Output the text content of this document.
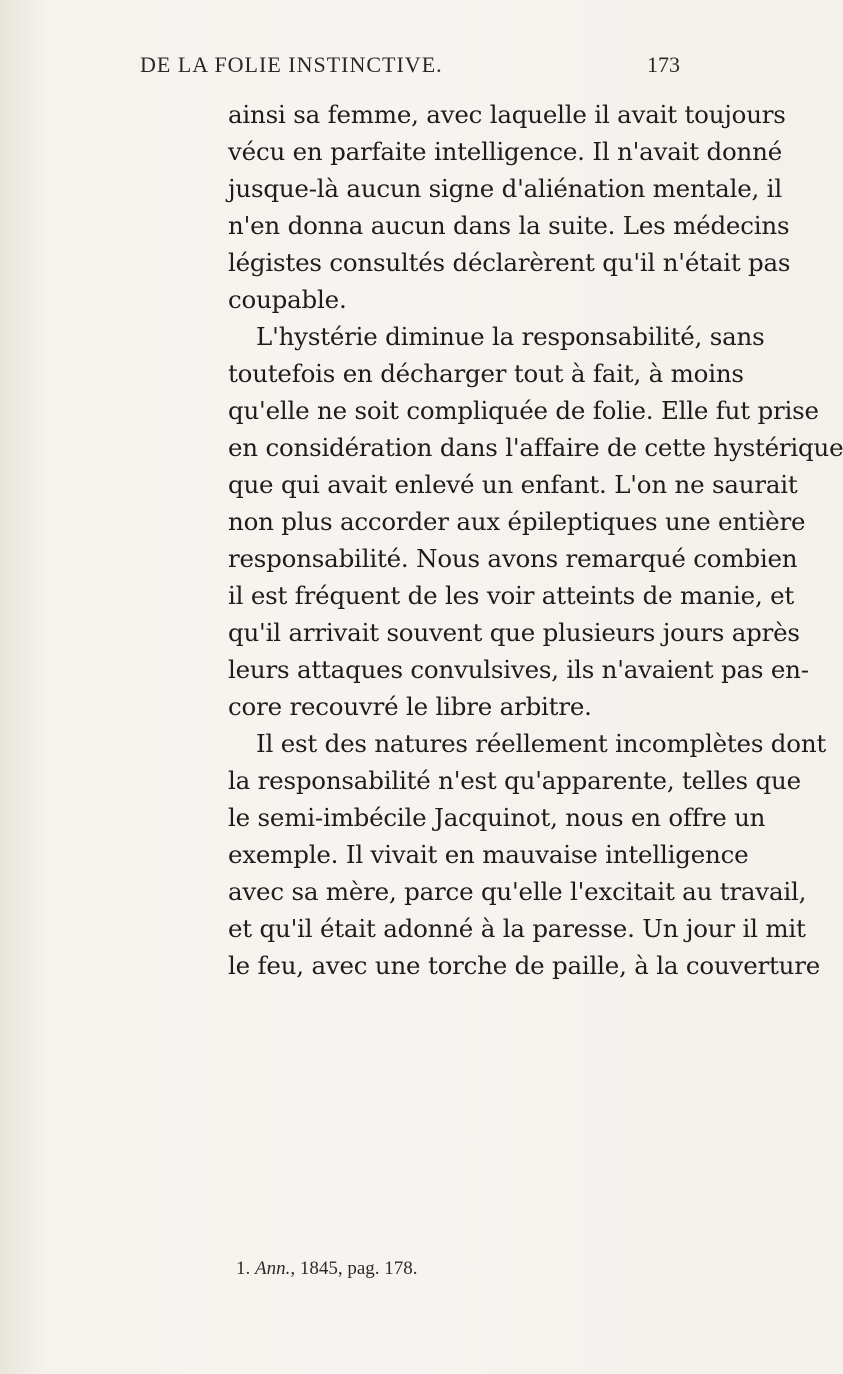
DE LA FOLIE INSTINCTIVE.	173
ainsi sa femme, avec laquelle il avait toujours
vécu en parfaite intelligence. Il n'avait donné
jusque-là aucun signe d'aliénation mentale, il
n'en donna aucun dans la suite. Les médecins
légistes consultés déclarèrent qu'il n'était pas
coupable.
L'hystérie diminue la responsabilité, sans
toutefois en décharger tout à fait, à moins
qu'elle ne soit compliquée de folie. Elle fut prise
en considération dans l'affaire de cette hystérique
que qui avait enlevé un enfant. L'on ne saurait
non plus accorder aux épileptiques une entière
responsabilité. Nous avons remarqué combien
il est fréquent de les voir atteints de manie, et
qu'il arrivait souvent que plusieurs jours après
leurs attaques convulsives, ils n'avaient pas en-
core recouvré le libre arbitre.
Il est des natures réellement incomplètes dont
la responsabilité n'est qu'apparente, telles que
le semi-imbécile Jacquinot, nous en offre un
exemple. Il vivait en mauvaise intelligence
avec sa mère, parce qu'elle l'excitait au travail,
et qu'il était adonné à la paresse. Un jour il mit
le feu, avec une torche de paille, à la couverture
1. Ann., 1845, pag. 178.
